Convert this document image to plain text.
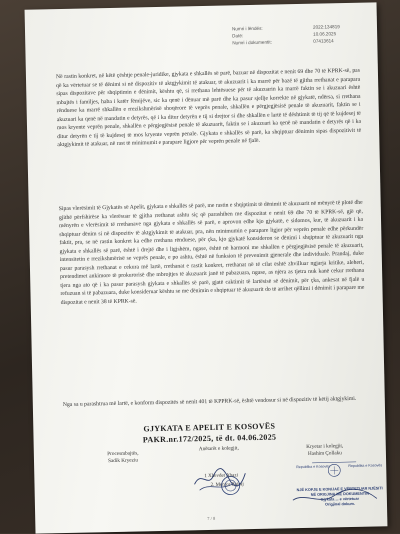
Numri i lëndës:	2022:134819
Datë:	10.06.2025
Numri i dokumentit:	07413614

Në rastin konkret, në këtë çështje penale-juridike, gjykata e shkallës së parë, bazuar në dispozitat e nenit 69 dhe 70 të KPRK-së, pas që ka vërtetuar se të dënimi si në dispozitiv të aktgjykimit të atakuar, të akuzuarit i ka marrë për bazë të gjitha rrethanat e parapara sipas dispozitave për shqiptimin e dënimit, kështu që, si rrethana lehtësuese për të akuzuarin ka marrë faktin se i akuzuari është mbajtës i familjes, haba i katër fëmijëve, sic ka qenë i dënuar më parë dhe ka pasur sjellje korrekte në gjykatë, ndërsa, si rrethana rënduese ka marrë shkallën e rrezikshmërisë shoqërore të veprës penale, shkallën e përgjegjësisë penale të akuzuarit, faktin se i akuzuari ka qenë në mandatin e detyrës, që i ka ditur detyrën e tij si drejtor si dhe shkallën e lartë të dështimit të tij që të kujdesej të mos kryente veprën penale, shkallën e përgjegjësisë penale të akuzuarit, faktin se i akuzuari ka qenë në mandatin e detyrës që i ka ditur detyrën e tij të kujdesej të mos kryente veprën penale. Gjykata e shkallës së parë, ka shqiptuar dënimin sipas dispozitivit të aktgjykimit të atakuar, në rast të minimumit e parapare ligjore për veprën penale në fjalë.

Sipas vlerësimit të Gjykatës së Apelit, gjykata e shkallës së parë, me rastin e shqiptimit të dënimit të akuzuarit në mënyrë të plotë dhe gjithë përfshirëse ka vlerësuar të gjitha rrethanat ashtu siç që parashihen me dispozitat e nenit 69 dhe 70 të KPRK-së, gjë që, mënyrën e vlerësimit të rrethanave nga gjykata e shkallës së parë, e aprovon edhe kjo gjykatë, e sidomos, kur, të akuzuarit i ka shqiptuar dënim si në dispozitiv të aktgjykimit të atakuar, pra, nën minimumin e parapare ligjor për veprën penale edhe përkundër faktit, pra, se në rastin konkret ka edhe rrethana rënduese, për çka, kjo gjykatë konsideron se dënimi i shqiptuar të akuzuarit nga gjykata e shkallës së parë, është i drejtë dhe i ligjshëm, ngase, është në harmoni me shkallën e përgjegjësisë penale të akuzuarit, intensitetin e rrezikshmërisë se veprës penale, e po ashtu, është në funksion të prevenimit gjenerale dhe individuale. Prandaj, duke pasur parasysh rrethanat e cekura më lartë, rrethanat e rastit konkret, rrethanat në të cilat është zhvilluar ngjarja kritike, aleheri, pretendimet ankimore të prokurorisë dhe mbrojtjes të akuzuarit janë të pabazuara, ngase, as njëra as tjetra nuk kanë cekur rrethana tjera nga ato që i ka pasur parasysh gjykata e shkallës së parë, gjatë caktimit të lartësisë së dënimit, për çka, ankesat në fjalë u refuzuan si të pabazuara, duke konsideruar kështu se me dënimin e shqiptuar të akuzuarit do të arrihet qëllimi i dënimit i parapare me dispozitat e nenit 38 të KPRK-së.

Nga sa u parashtrua më lartë, e konform dispozitës së nenit 401 të KPPRK-së, është vendosur si në dispozitiv të këtij aktgjykimi.

GJYKATA E APELIT E KOSOVËS
PAKR.nr.172/2025, të dt. 04.06.2025
Procesmbajtës,
Sadik Kryeziu
Anëtarët e kolegjit,	Kryetar i kolegjit,
Hashim Çollaku
1 Xhevdet Abazi
2. Mentor Bajraj
Republika e Kosovës	Republika e Kosovës
NJË KOPJE E KONIJAE E VËRTETUAR NJËSITI NË ORIGJINA ME DOKUMENTIN
Gjykata ... e vërtetuar
Origjinal dokum.
7 / 8
